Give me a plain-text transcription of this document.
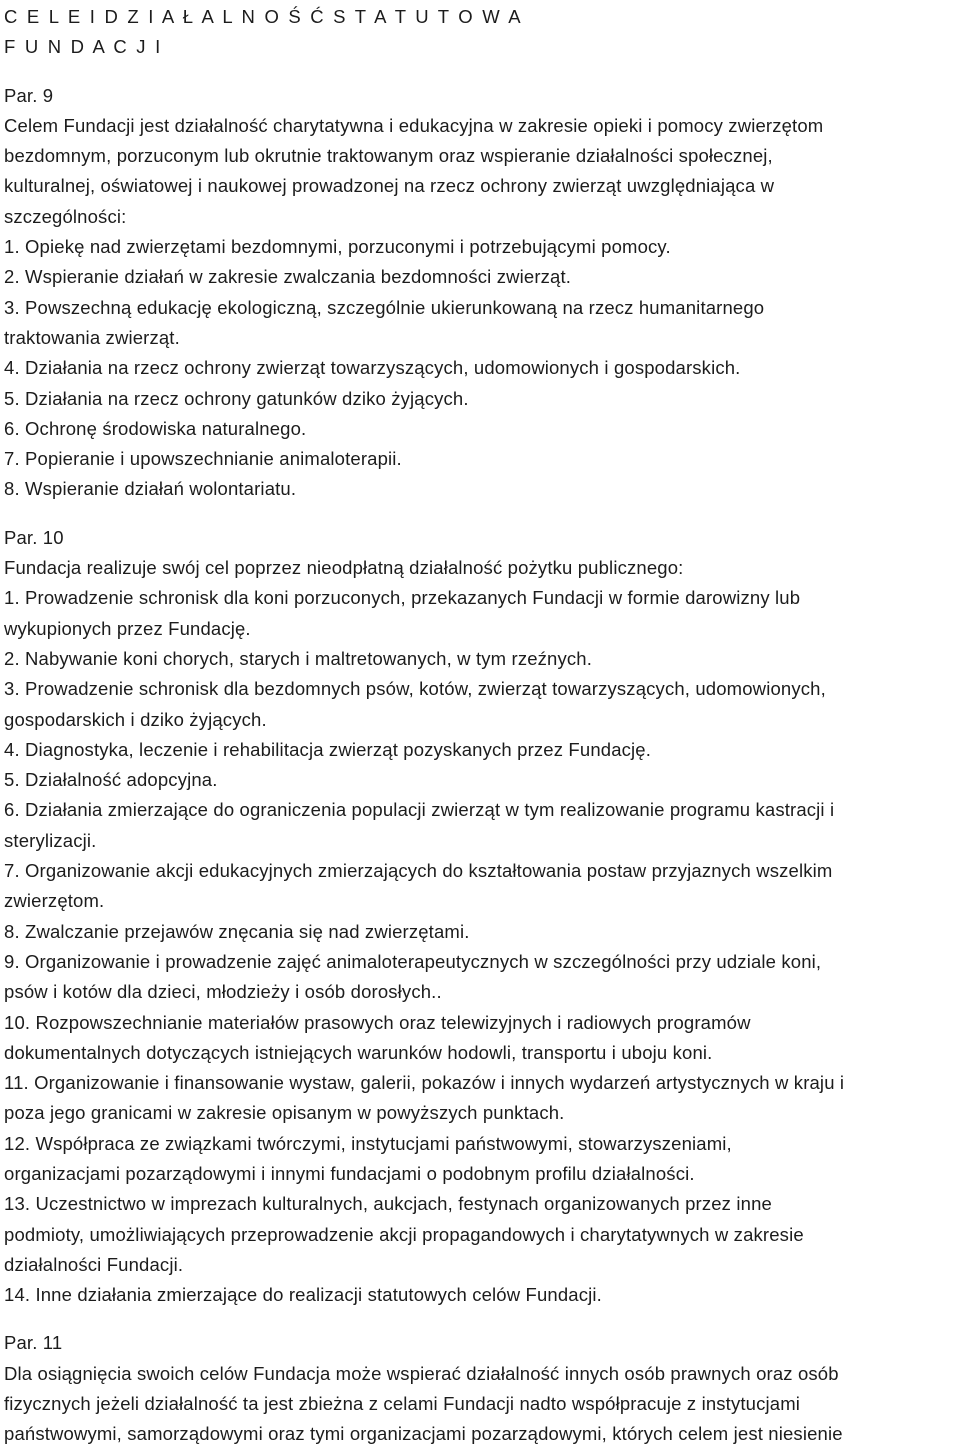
C E L E I D Z I A Ł A L N O Ś Ć S T A T U T O W A
F U N D A C J I
Par. 9
Celem Fundacji jest działalność charytatywna i edukacyjna w zakresie opieki i pomocy zwierzętom
bezdomnym, porzuconym lub okrutnie traktowanym oraz wspieranie działalności społecznej,
kulturalnej, oświatowej i naukowej prowadzonej na rzecz ochrony zwierząt uwzględniająca w
szczególności:
1. Opiekę nad zwierzętami bezdomnymi, porzuconymi i potrzebującymi pomocy.
2. Wspieranie działań w zakresie zwalczania bezdomności zwierząt.
3. Powszechną edukację ekologiczną, szczególnie ukierunkowaną na rzecz humanitarnego
traktowania zwierząt.
4. Działania na rzecz ochrony zwierząt towarzyszących, udomowionych i gospodarskich.
5. Działania na rzecz ochrony gatunków dziko żyjących.
6. Ochronę środowiska naturalnego.
7. Popieranie i upowszechnianie animaloterapii.
8. Wspieranie działań wolontariatu.
Par. 10
Fundacja realizuje swój cel poprzez nieodpłatną działalność pożytku publicznego:
1. Prowadzenie schronisk dla koni porzuconych, przekazanych Fundacji w formie darowizny lub
wykupionych przez Fundację.
2. Nabywanie koni chorych, starych i maltretowanych, w tym rzeźnych.
3. Prowadzenie schronisk dla bezdomnych psów, kotów, zwierząt towarzyszących, udomowionych,
gospodarskich i dziko żyjących.
4. Diagnostyka, leczenie i rehabilitacja zwierząt pozyskanych przez Fundację.
5. Działalność adopcyjna.
6. Działania zmierzające do ograniczenia populacji zwierząt w tym realizowanie programu kastracji i
sterylizacji.
7. Organizowanie akcji edukacyjnych zmierzających do kształtowania postaw przyjaznych wszelkim
zwierzętom.
8. Zwalczanie przejawów znęcania się nad zwierzętami.
9. Organizowanie i prowadzenie zajęć animaloterapeutycznych w szczególności przy udziale koni,
psów i kotów dla dzieci, młodzieży i osób dorosłych..
10. Rozpowszechnianie materiałów prasowych oraz telewizyjnych i radiowych programów
dokumentalnych dotyczących istniejących warunków hodowli, transportu i uboju koni.
11. Organizowanie i finansowanie wystaw, galerii, pokazów i innych wydarzeń artystycznych w kraju i
poza jego granicami w zakresie opisanym w powyższych punktach.
12. Współpraca ze związkami twórczymi, instytucjami państwowymi, stowarzyszeniami,
organizacjami pozarządowymi i innymi fundacjami o podobnym profilu działalności.
13. Uczestnictwo w imprezach kulturalnych, aukcjach, festynach organizowanych przez inne
podmioty, umożliwiających przeprowadzenie akcji propagandowych i charytatywnych w zakresie
działalności Fundacji.
14. Inne działania zmierzające do realizacji statutowych celów Fundacji.
Par. 11
Dla osiągnięcia swoich celów Fundacja może wspierać działalność innych osób prawnych oraz osób
fizycznych jeżeli działalność ta jest zbieżna z celami Fundacji nadto współpracuje z instytucjami
państwowymi, samorządowymi oraz tymi organizacjami pozarządowymi, których celem jest niesienie
